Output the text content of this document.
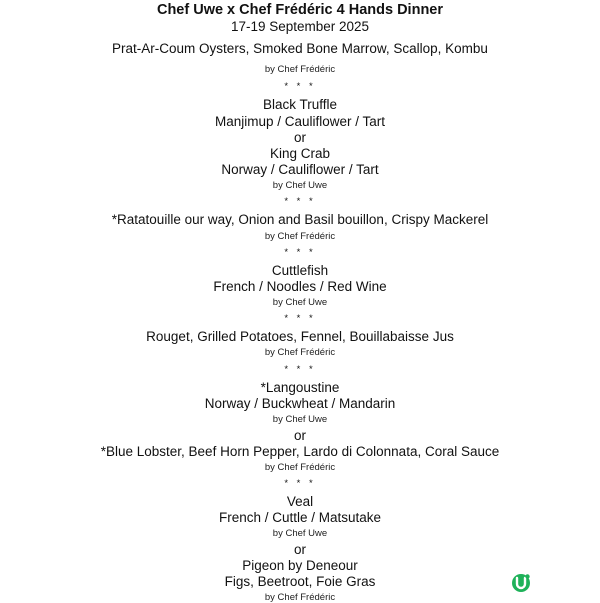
Chef Uwe x Chef Frédéric 4 Hands Dinner
17-19 September 2025
Prat-Ar-Coum Oysters, Smoked Bone Marrow, Scallop, Kombu
by Chef Frédéric
* * *
Black Truffle
Manjimup / Cauliflower / Tart
or
King Crab
Norway / Cauliflower / Tart
by Chef Uwe
* * *
*Ratatouille our way, Onion and Basil bouillon, Crispy Mackerel
by Chef Frédéric
* * *
Cuttlefish
French / Noodles / Red Wine
by Chef Uwe
* * *
Rouget, Grilled Potatoes, Fennel, Bouillabaisse Jus
by Chef Frédéric
* * *
*Langoustine
Norway / Buckwheat / Mandarin
by Chef Uwe
or
*Blue Lobster, Beef Horn Pepper, Lardo di Colonnata, Coral Sauce
by Chef Frédéric
* * *
Veal
French / Cuttle / Matsutake
by Chef Uwe
or
Pigeon by Deneour
Figs, Beetroot, Foie Gras
by Chef Frédéric
